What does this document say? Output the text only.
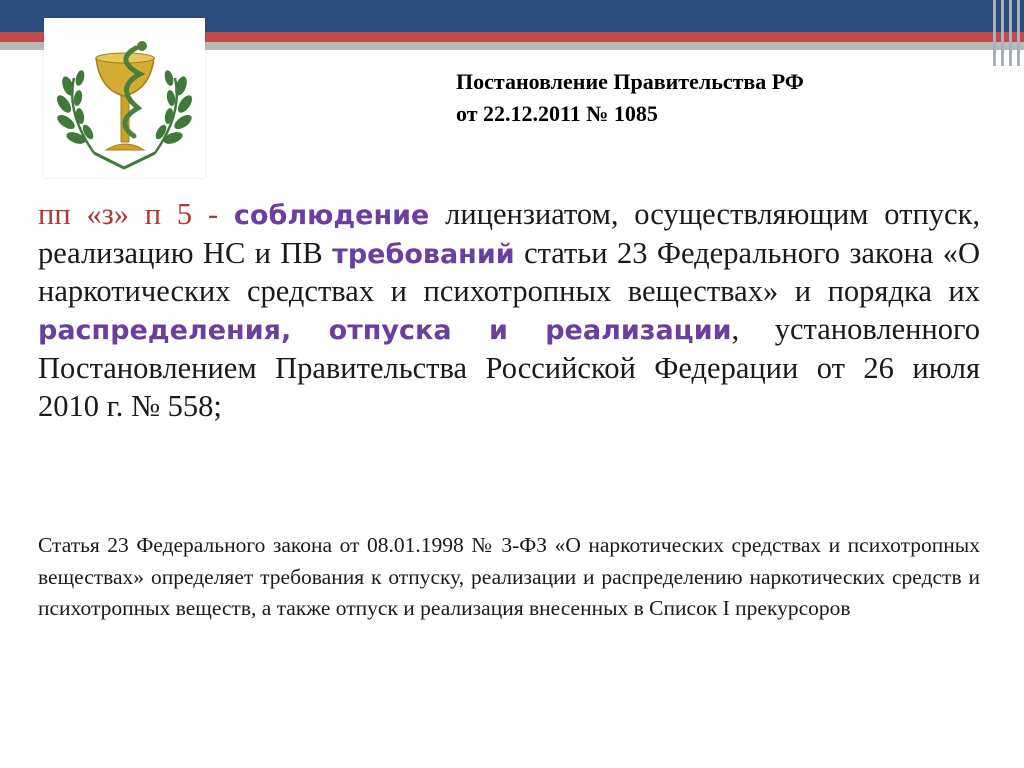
Постановление Правительства РФ
от 22.12.2011 № 1085
пп «з» п 5 - соблюдение лицензиатом, осуществляющим отпуск, реализацию НС и ПВ требований статьи 23 Федерального закона «О наркотических средствах и психотропных веществах» и порядка их распределения, отпуска и реализации, установленного Постановлением Правительства Российской Федерации от 26 июля 2010 г. № 558;
Статья 23 Федерального закона от 08.01.1998 № 3-ФЗ «О наркотических средствах и психотропных веществах» определяет требования к отпуску, реализации и распределению наркотических средств и психотропных веществ, а также отпуск и реализация внесенных в Список I прекурсоров
